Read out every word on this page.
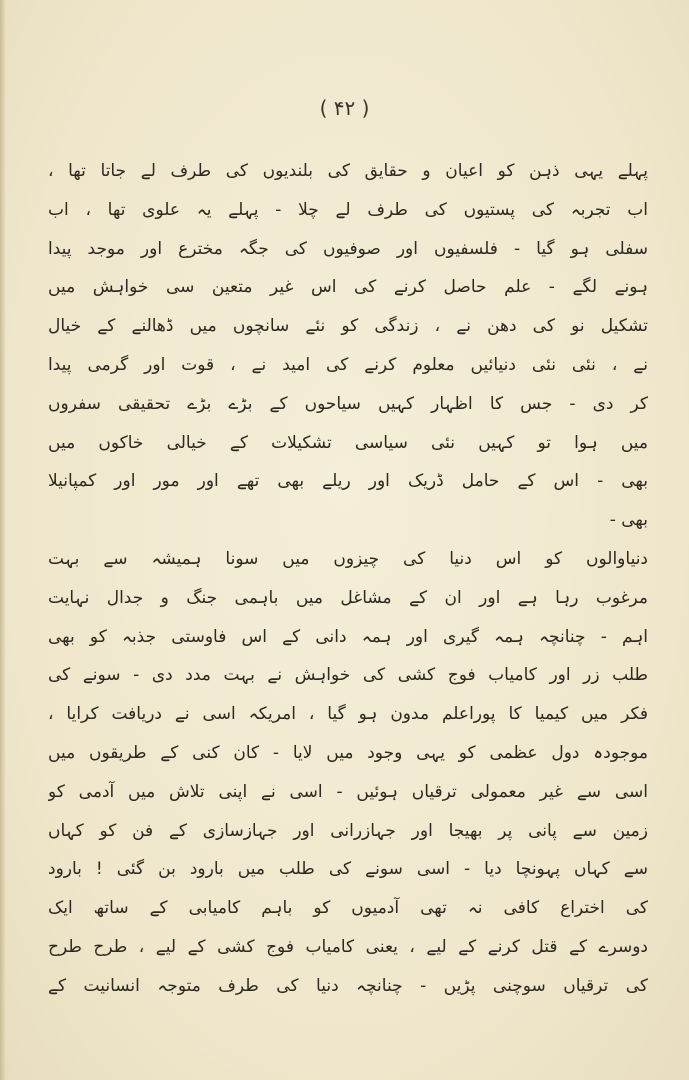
( ۴۲ )
پہلے یہی ذہن کو اعیان و حقایق کی بلندیوں کی طرف لے جاتا تھا ،
اب تجربہ کی پستیوں کی طرف لے چلا - پہلے یہ علوی تھا ، اب
سفلی ہو گیا - فلسفیوں اور صوفیوں کی جگہ مخترع اور موجد پیدا
ہونے لگے - علم حاصل کرنے کی اس غیر متعین سی خواہش میں
تشکیل نو کی دھن نے ، زندگی کو نئے سانچوں میں ڈھالنے کے خیال
نے ، نئی نئی دنیائیں معلوم کرنے کی امید نے ، قوت اور گرمی پیدا
کر دی - جس کا اظہار کہیں سیاحوں کے بڑے بڑے تحقیقی سفروں
میں ہوا تو کہیں نئی سیاسی تشکیلات کے خیالی خاکوں میں
بھی - اس کے حامل ڈریک اور ریلے بھی تھے اور مور اور کمپانیلا
بھی -
دنیاوالوں کو اس دنیا کی چیزوں میں سونا ہمیشہ سے بہت
مرغوب رہا ہے اور ان کے مشاغل میں باہمی جنگ و جدال نہایت
اہم - چنانچہ ہمہ گیری اور ہمہ دانی کے اس فاوستی جذبہ کو بھی
طلب زر اور کامیاب فوج کشی کی خواہش نے بہت مدد دی - سونے کی
فکر میں کیمیا کا پوراعلم مدون ہو گیا ، امریکہ اسی نے دریافت کرایا ،
موجودہ دول عظمی کو یہی وجود میں لایا - کان کنی کے طریقوں میں
اسی سے غیر معمولی ترقیاں ہوئیں - اسی نے اپنی تلاش میں آدمی کو
زمین سے پانی پر بھیجا اور جہازرانی اور جہازسازی کے فن کو کہاں
سے کہاں پہونچا دیا - اسی سونے کی طلب میں بارود بن گئی ! بارود
کی اختراع کافی نہ تھی آدمیوں کو باہم کامیابی کے ساتھ ایک
دوسرے کے قتل کرنے کے لیے ، یعنی کامیاب فوج کشی کے لیے ، طرح طرح
کی ترقیاں سوچنی پڑیں - چنانچہ دنیا کی طرف متوجہ انسانیت کے
